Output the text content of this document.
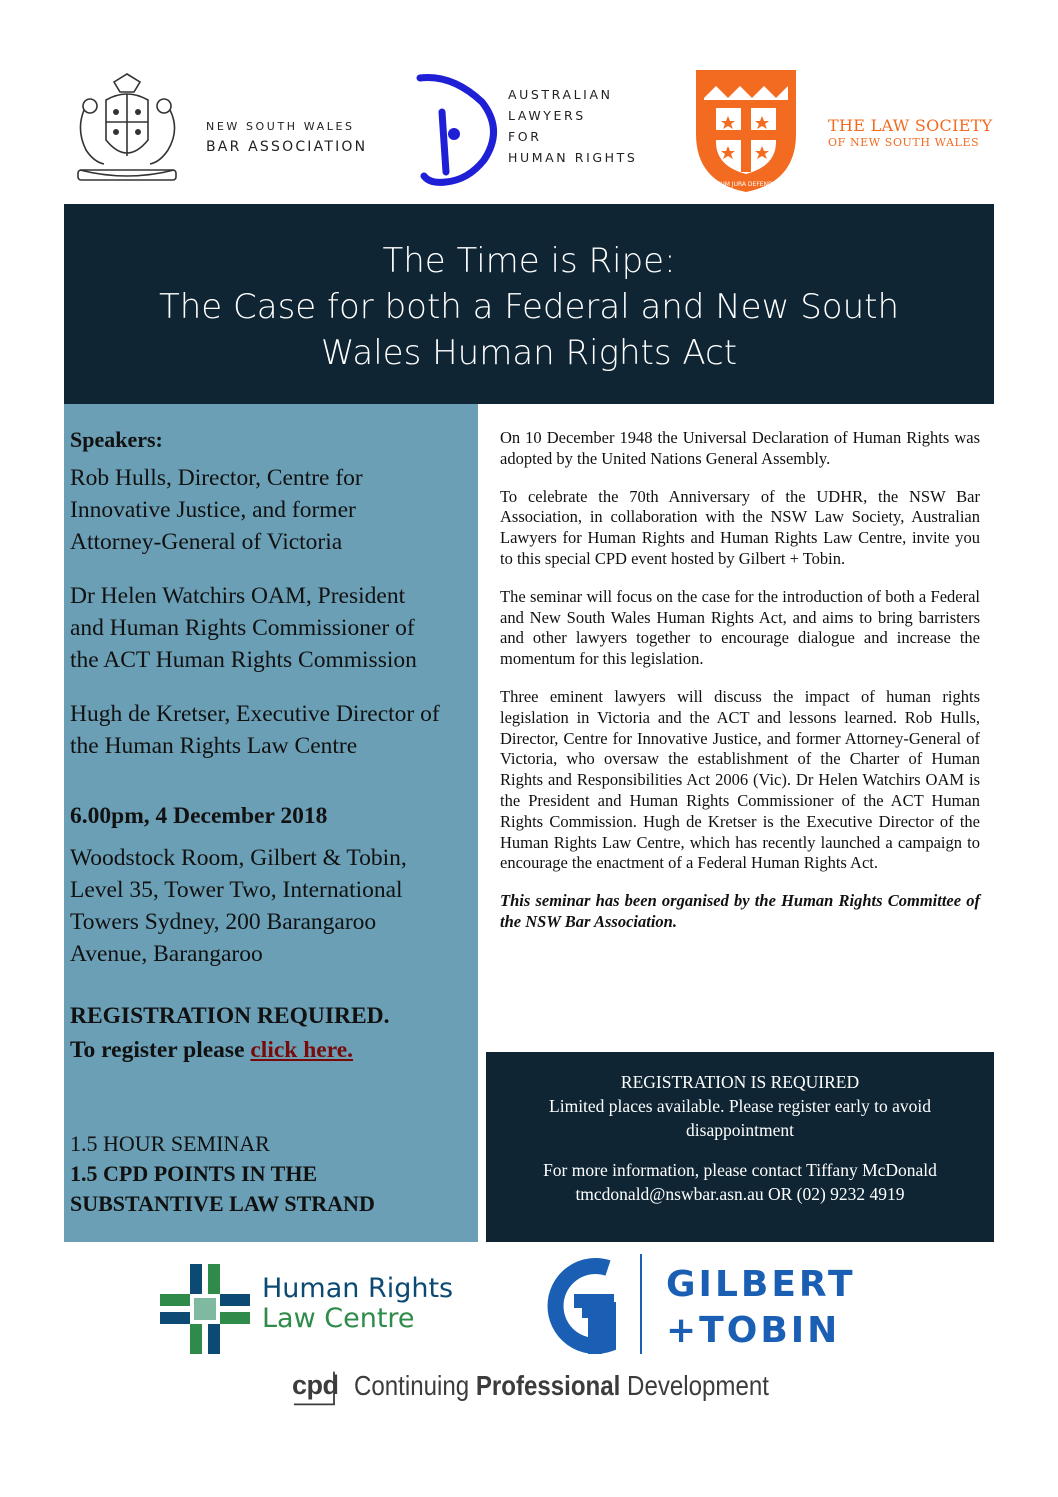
NEW SOUTH WALES
BAR ASSOCIATION
AUSTRALIAN
LAWYERS
FOR
HUMAN RIGHTS
OMNIUM JURA DEFENDIMUS
THE LAW SOCIETY
OF NEW SOUTH WALES
The Time is Ripe:
The Case for both a Federal and New South
Wales Human Rights Act
Speakers:
Rob Hulls, Director, Centre for
Innovative Justice, and former
Attorney-General of Victoria
Dr Helen Watchirs OAM, President
and Human Rights Commissioner of
the ACT Human Rights Commission
Hugh de Kretser, Executive Director of
the Human Rights Law Centre
6.00pm, 4 December 2018
Woodstock Room, Gilbert & Tobin,
Level 35, Tower Two, International
Towers Sydney, 200 Barangaroo
Avenue, Barangaroo
REGISTRATION REQUIRED.
To register please click here.
1.5 HOUR SEMINAR
1.5 CPD POINTS IN THE
SUBSTANTIVE LAW STRAND

On 10 December 1948 the Universal Declaration of Human Rights was adopted by the United Nations General Assembly.

To celebrate the 70th Anniversary of the UDHR, the NSW Bar Association, in collaboration with the NSW Law Society, Australian Lawyers for Human Rights and Human Rights Law Centre, invite you to this special CPD event hosted by Gilbert + Tobin.

The seminar will focus on the case for the introduction of both a Federal and New South Wales Human Rights Act, and aims to bring barristers and other lawyers together to encourage dialogue and increase the momentum for this legislation.

Three eminent lawyers will discuss the impact of human rights legislation in Victoria and the ACT and lessons learned. Rob Hulls, Director, Centre for Innovative Justice, and former Attorney-General of Victoria, who oversaw the establishment of the Charter of Human Rights and Responsibilities Act 2006 (Vic). Dr Helen Watchirs OAM is the President and Human Rights Commissioner of the ACT Human Rights Commission. Hugh de Kretser is the Executive Director of the Human Rights Law Centre, which has recently launched a campaign to encourage the enactment of a Federal Human Rights Act.

This seminar has been organised by the Human Rights Committee of the NSW Bar Association.

REGISTRATION IS REQUIRED
Limited places available. Please register early to avoid
disappointment
For more information, please contact Tiffany McDonald
tmcdonald@nswbar.asn.au OR (02) 9232 4919
Human Rights
Law Centre
GILBERT
+TOBIN
cpd Continuing Professional Development
